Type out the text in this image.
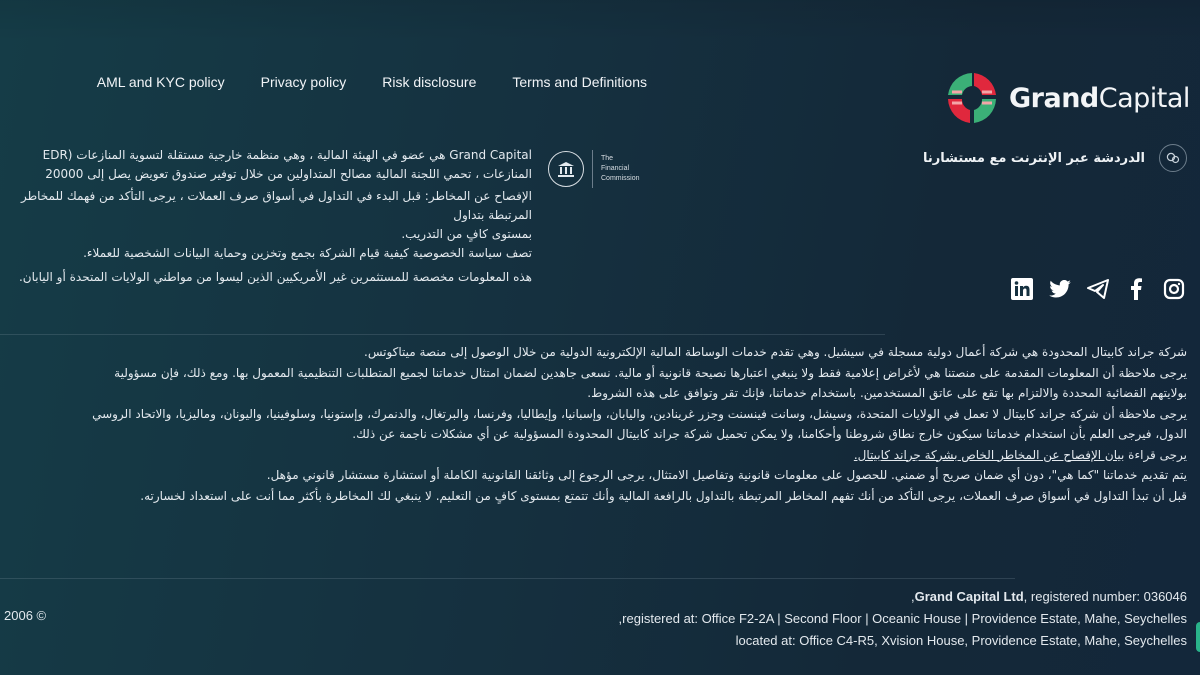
AML and KYC policy	Privacy policy	Risk disclosure	Terms and Definitions
GrandCapital
الدردشة عبر الإنترنت مع مستشارنا
The
Financial
Commission
Grand Capital هي عضو في الهيئة المالية ، وهي منظمة خارجية مستقلة لتسوية المنازعات (EDR
المنازعات ، تحمي اللجنة المالية مصالح المتداولين من خلال توفير صندوق تعويض يصل إلى 20000
الإفصاح عن المخاطر: قبل البدء في التداول في أسواق صرف العملات ، يرجى التأكد من فهمك للمخاطر المرتبطة بتداول
بمستوى كافٍ من التدريب.
تصف سياسة الخصوصية كيفية قيام الشركة بجمع وتخزين وحماية البيانات الشخصية للعملاء.
هذه المعلومات مخصصة للمستثمرين غير الأمريكيين الذين ليسوا من مواطني الولايات المتحدة أو اليابان.
شركة جراند كابيتال المحدودة هي شركة أعمال دولية مسجلة في سيشيل. وهي تقدم خدمات الوساطة المالية الإلكترونية الدولية من خلال الوصول إلى منصة ميتاكوتس.
يرجى ملاحظة أن المعلومات المقدمة على منصتنا هي لأغراض إعلامية فقط ولا ينبغي اعتبارها نصيحة قانونية أو مالية. نسعى جاهدين لضمان امتثال خدماتنا لجميع المتطلبات التنظيمية المعمول بها. ومع ذلك، فإن مسؤولية
بولايتهم القضائية المحددة والالتزام بها تقع على عاتق المستخدمين. باستخدام خدماتنا، فإنك تقر وتوافق على هذه الشروط.
يرجى ملاحظة أن شركة جراند كابيتال لا تعمل في الولايات المتحدة، وسيشل، وسانت فينسنت وجزر غرينادين، واليابان، وإسبانيا، وإيطاليا، وفرنسا، والبرتغال، والدنمرك، وإستونيا، وسلوفينيا، واليونان، وماليزيا، والاتحاد الروسي
الدول، فيرجى العلم بأن استخدام خدماتنا سيكون خارج نطاق شروطنا وأحكامنا، ولا يمكن تحميل شركة جراند كابيتال المحدودة المسؤولية عن أي مشكلات ناجمة عن ذلك.
يرجى قراءة بيان الإفصاح عن المخاطر الخاص بشركة جراند كابيتال.
يتم تقديم خدماتنا "كما هي"، دون أي ضمان صريح أو ضمني. للحصول على معلومات قانونية وتفاصيل الامتثال، يرجى الرجوع إلى وثائقنا القانونية الكاملة أو استشارة مستشار قانوني مؤهل.
قبل أن تبدأ التداول في أسواق صرف العملات، يرجى التأكد من أنك تفهم المخاطر المرتبطة بالتداول بالرافعة المالية وأنك تتمتع بمستوى كافٍ من التعليم. لا ينبغي لك المخاطرة بأكثر مما أنت على استعداد لخسارته.
,Grand Capital Ltd, registered number: 036046
,registered at: Office F2-2A | Second Floor | Oceanic House | Providence Estate, Mahe, Seychelles
located at: Office C4-R5, Xvision House, Providence Estate, Mahe, Seychelles
2006 ©
